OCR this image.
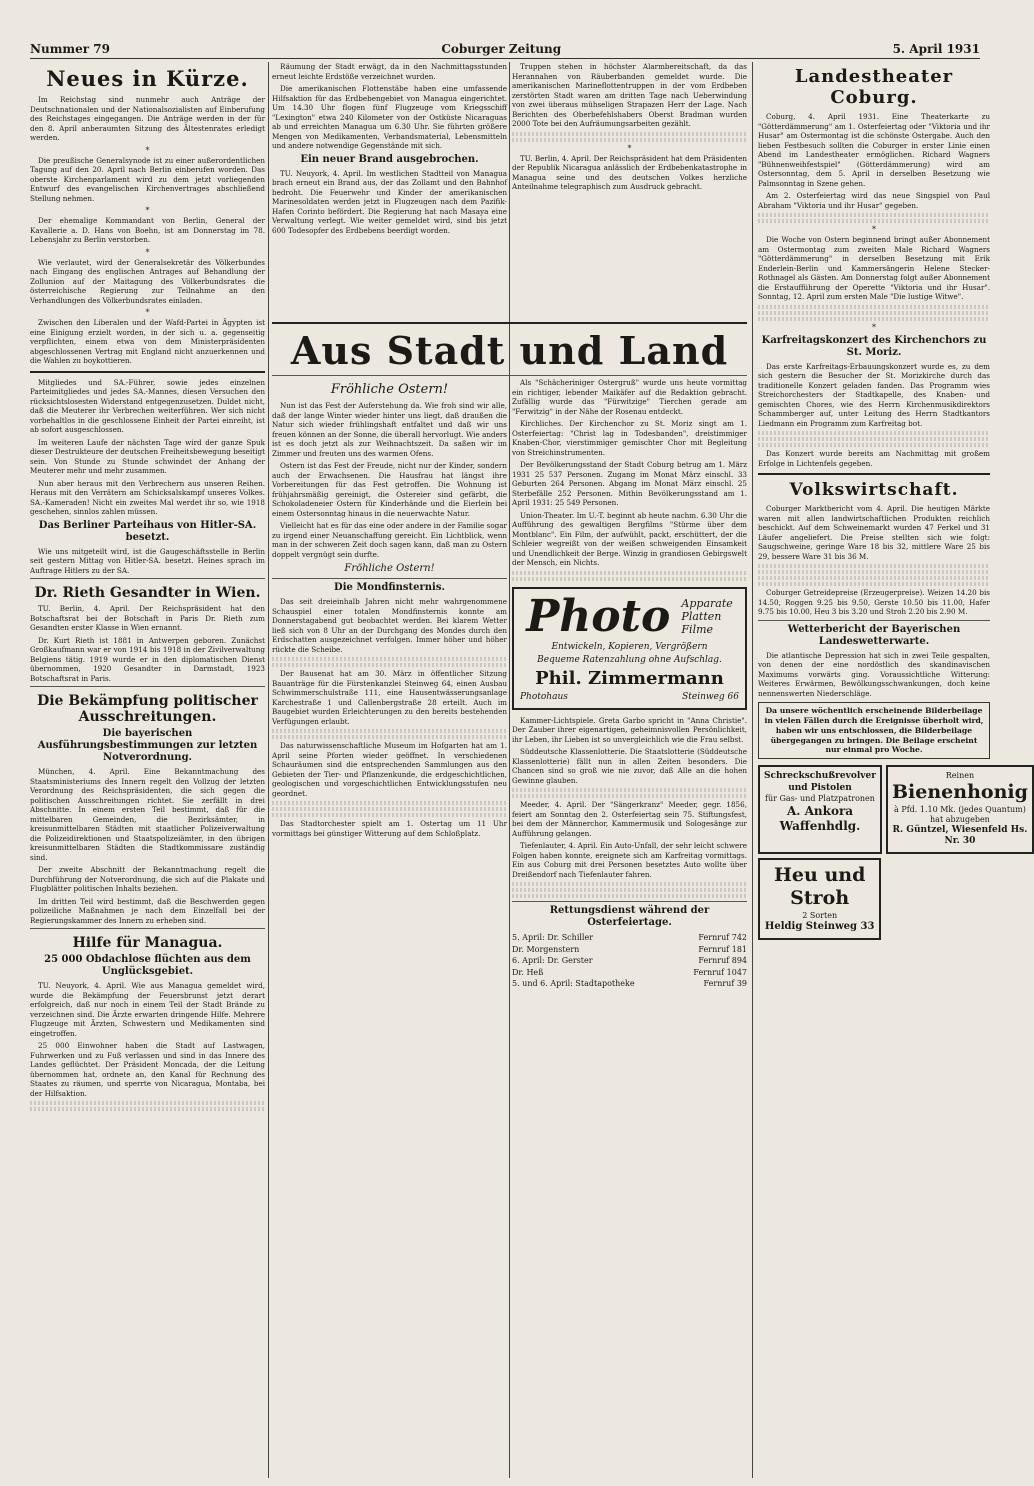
Nummer 79	Coburger Zeitung	5. April 1931
Neues in Kürze.

Im Reichstag sind nunmehr auch Anträge der Deutschnationalen und der Nationalsozialisten auf Einberufung des Reichstages eingegangen. Die Anträge werden in der für den 8. April anberaumten Sitzung des Ältestenrates erledigt werden.

*

Die preußische Generalsynode ist zu einer außerordentlichen Tagung auf den 20. April nach Berlin einberufen worden. Das oberste Kirchenparlament wird zu dem jetzt vorliegenden Entwurf des evangelischen Kirchenvertrages abschließend Stellung nehmen.

*

Der ehemalige Kommandant von Berlin, General der Kavallerie a. D. Hans von Boehn, ist am Donnerstag im 78. Lebensjahr zu Berlin verstorben.

*

Wie verlautet, wird der Generalsekretär des Völkerbundes nach Eingang des englischen Antrages auf Behandlung der Zollunion auf der Maitagung des Völkerbundsrates die österreichische Regierung zur Teilnahme an den Verhandlungen des Völkerbundsrates einladen.

*

Zwischen den Liberalen und der Wafd-Partei in Ägypten ist eine Einigung erzielt worden, in der sich u. a. gegenseitig verpflichten, einem etwa von dem Ministerpräsidenten abgeschlossenen Vertrag mit England nicht anzuerkennen und die Wahlen zu boykottieren.

Mitgliedes und SA.-Führer, sowie jedes einzelnen Parteimitgliedes und jedes SA.-Mannes, diesen Versuchen den rücksichtslosesten Widerstand entgegenzusetzen. Duldet nicht, daß die Meuterer ihr Verbrechen weiterführen. Wer sich nicht vorbehaltlos in die geschlossene Einheit der Partei einreiht, ist ab sofort ausgeschlossen.

Im weiteren Laufe der nächsten Tage wird der ganze Spuk dieser Destrukteure der deutschen Freiheitsbewegung beseitigt sein. Von Stunde zu Stunde schwindet der Anhang der Meuterer mehr und mehr zusammen.

Nun aber heraus mit den Verbrechern aus unseren Reihen. Heraus mit den Verrätern am Schicksalskampf unseres Volkes. SA.-Kameraden! Nicht ein zweites Mal werdet ihr so, wie 1918 geschehen, sinnlos zahlen müssen.

Das Berliner Parteihaus von Hitler-SA. besetzt.

Wie uns mitgeteilt wird, ist die Gaugeschäftsstelle in Berlin seit gestern Mittag von Hitler-SA. besetzt. Heines sprach im Auftrage Hitlers zu der SA.

Dr. Rieth Gesandter in Wien.

TU. Berlin, 4. April. Der Reichspräsident hat den Botschaftsrat bei der Botschaft in Paris Dr. Rieth zum Gesandten erster Klasse in Wien ernannt.

Dr. Kurt Rieth ist 1881 in Antwerpen geboren. Zunächst Großkaufmann war er von 1914 bis 1918 in der Zivilverwaltung Belgiens tätig. 1919 wurde er in den diplomatischen Dienst übernommen, 1920 Gesandter in Darmstadt, 1923 Botschaftsrat in Paris.

Die Bekämpfung politischer Ausschreitungen.
Die bayerischen Ausführungsbestimmungen zur letzten Notverordnung.

München, 4. April. Eine Bekanntmachung des Staatsministeriums des Innern regelt den Vollzug der letzten Verordnung des Reichspräsidenten, die sich gegen die politischen Ausschreitungen richtet. Sie zerfällt in drei Abschnitte. In einem ersten Teil bestimmt, daß für die mittelbaren Gemeinden, die Bezirksämter, in kreisunmittelbaren Städten mit staatlicher Polizeiverwaltung die Polizeidirektionen und Staatspolizeiämter, in den übrigen kreisunmittelbaren Städten die Stadtkommissare zuständig sind.

Der zweite Abschnitt der Bekanntmachung regelt die Durchführung der Notverordnung, die sich auf die Plakate und Flugblätter politischen Inhalts beziehen.

Im dritten Teil wird bestimmt, daß die Beschwerden gegen polizeiliche Maßnahmen je nach dem Einzelfall bei der Regierungskammer des Innern zu erheben sind.

Hilfe für Managua.
25 000 Obdachlose flüchten aus dem Unglücksgebiet.

TU. Neuyork, 4. April. Wie aus Managua gemeldet wird, wurde die Bekämpfung der Feuersbrunst jetzt derart erfolgreich, daß nur noch in einem Teil der Stadt Brände zu verzeichnen sind. Die Ärzte erwarten dringende Hilfe. Mehrere Flugzeuge mit Ärzten, Schwestern und Medikamenten sind eingetroffen.

25 000 Einwohner haben die Stadt auf Lastwagen, Fuhrwerken und zu Fuß verlassen und sind in das Innere des Landes geflüchtet. Der Präsident Moncada, der die Leitung übernommen hat, ordnete an, den Kanal für Rechnung des Staates zu räumen, und sperrte von Nicaragua, Montaba, bei der Hilfsaktion.

Räumung der Stadt erwägt, da in den Nachmittagsstunden erneut leichte Erdstöße verzeichnet wurden.

Die amerikanischen Flottenstäbe haben eine umfassende Hilfsaktion für das Erdbebengebiet von Managua eingerichtet. Um 14.30 Uhr flogen fünf Flugzeuge vom Kriegsschiff "Lexington" etwa 240 Kilometer von der Ostküste Nicaraguas ab und erreichten Managua um 6.30 Uhr. Sie führten größere Mengen von Medikamenten, Verbandsmaterial, Lebensmitteln und andere notwendige Gegenstände mit sich.

Ein neuer Brand ausgebrochen.

TU. Neuyork, 4. April. Im westlichen Stadtteil von Managua brach erneut ein Brand aus, der das Zollamt und den Bahnhof bedroht. Die Feuerwehr und Kinder der amerikanischen Marinesoldaten werden jetzt in Flugzeugen nach dem Pazifik-Hafen Corinto befördert. Die Regierung hat nach Masaya eine Verwaltung verlegt. Wie weiter gemeldet wird, sind bis jetzt 600 Todesopfer des Erdbebens beerdigt worden.

Truppen stehen in höchster Alarmbereitschaft, da das Herannahen von Räuberbanden gemeldet wurde. Die amerikanischen Marineflottentruppen in der vom Erdbeben zerstörten Stadt waren am dritten Tage nach Ueberwindung von zwei überaus mühseligen Strapazen Herr der Lage. Nach Berichten des Oberbefehlshabers Oberst Bradman wurden 2000 Tote bei den Aufräumungsarbeiten gezählt.

*

TU. Berlin, 4. April. Der Reichspräsident hat dem Präsidenten der Republik Nicaragua anlässlich der Erdbebenkatastrophe in Managua seine und des deutschen Volkes herzliche Anteilnahme telegraphisch zum Ausdruck gebracht.

Aus Stadt und Land
Fröhliche Ostern!

Nun ist das Fest der Auferstehung da. Wie froh sind wir alle, daß der lange Winter wieder hinter uns liegt, daß draußen die Natur sich wieder frühlingshaft entfaltet und daß wir uns freuen können an der Sonne, die überall hervorlugt. Wie anders ist es doch jetzt als zur Weihnachtszeit. Da saßen wir im Zimmer und freuten uns des warmen Ofens.

Ostern ist das Fest der Freude, nicht nur der Kinder, sondern auch der Erwachsenen. Die Hausfrau hat längst ihre Vorbereitungen für das Fest getroffen. Die Wohnung ist frühjahrsmäßig gereinigt, die Ostereier sind gefärbt, die Schokoladeneier Ostern für Kinderhände und die Eierlein bei einem Ostersonntag hinaus in die neuerwachte Natur.

Vielleicht hat es für das eine oder andere in der Familie sogar zu irgend einer Neuanschaffung gereicht. Ein Lichtblick, wenn man in der schweren Zeit doch sagen kann, daß man zu Ostern doppelt vergnügt sein durfte.

Fröhliche Ostern!
Die Mondfinsternis.

Das seit dreieinhalb Jahren nicht mehr wahrgenommene Schauspiel einer totalen Mondfinsternis konnte am Donnerstagabend gut beobachtet werden. Bei klarem Wetter ließ sich von 8 Uhr an der Durchgang des Mondes durch den Erdschatten ausgezeichnet verfolgen. Immer höher und höher rückte die Scheibe.

Der Bausenat hat am 30. März in öffentlicher Sitzung Bauanträge für die Fürstenkanzlei Steinweg 64, einen Ausbau Schwimmerschulstraße 111, eine Hausentwässerungsanlage Karchestraße 1 und Callenbergstraße 28 erteilt. Auch im Baugebiet wurden Erleichterungen zu den bereits bestehenden Verfügungen erlaubt.

Das naturwissenschaftliche Museum im Hofgarten hat am 1. April seine Pforten wieder geöffnet. In verschiedenen Schauräumen sind die entsprechenden Sammlungen aus den Gebieten der Tier- und Pflanzenkunde, die erdgeschichtlichen, geologischen und vorgeschichtlichen Entwicklungsstufen neu geordnet.

Das Stadtorchester spielt am 1. Ostertag um 11 Uhr vormittags bei günstiger Witterung auf dem Schloßplatz.

Als "Schächeriniger Ostergruß" wurde uns heute vormittag ein richtiger, lebender Maikäfer auf die Redaktion gebracht. Zufällig wurde das "Fürwitzige" Tierchen gerade am "Ferwitzig" in der Nähe der Rosenau entdeckt.

Kirchliches. Der Kirchenchor zu St. Moriz singt am 1. Osterfeiertag: "Christ lag in Todesbanden", dreistimmiger Knaben-Chor, vierstimmiger gemischter Chor mit Begleitung von Streichinstrumenten.

Der Bevölkerungsstand der Stadt Coburg betrug am 1. März 1931 25 537 Personen. Zugang im Monat März einschl. 33 Geburten 264 Personen. Abgang im Monat März einschl. 25 Sterbefälle 252 Personen. Mithin Bevölkerungsstand am 1. April 1931: 25 549 Personen.

Union-Theater. Im U.-T. beginnt ab heute nachm. 6.30 Uhr die Aufführung des gewaltigen Bergfilms "Stürme über dem Montblanc". Ein Film, der aufwühlt, packt, erschüttert, der die Schleier wegreißt von der weißen schweigenden Einsamkeit und Unendlichkeit der Berge. Winzig in grandiosen Gebirgswelt der Mensch, ein Nichts.

Photo Apparate
Platten
Filme
Entwickeln, Kopieren, Vergrößern
Bequeme Ratenzahlung ohne Aufschlag.
Phil. Zimmermann
Photohaus	Steinweg 66

Kammer-Lichtspiele. Greta Garbo spricht in "Anna Christie". Der Zauber ihrer eigenartigen, geheimnisvollen Persönlichkeit, ihr Leben, ihr Lieben ist so unvergleichlich wie die Frau selbst.

Süddeutsche Klassenlotterie. Die Staatslotterie (Süddeutsche Klassenlotterie) fällt nun in allen Zeiten besonders. Die Chancen sind so groß wie nie zuvor, daß Alle an die hohen Gewinne glauben.

Meeder, 4. April. Der "Sängerkranz" Meeder, gegr. 1856, feiert am Sonntag den 2. Osterfeiertag sein 75. Stiftungsfest, bei dem der Männerchor, Kammermusik und Sologesänge zur Aufführung gelangen.

Tiefenlauter, 4. April. Ein Auto-Unfall, der sehr leicht schwere Folgen haben konnte, ereignete sich am Karfreitag vormittags. Ein aus Coburg mit drei Personen besetztes Auto wollte über Dreißendorf nach Tiefenlauter fahren.

Rettungsdienst während der Osterfeiertage.
5. April: Dr. Schiller	Fernruf 742
Dr. Morgenstern	Fernruf 181
6. April: Dr. Gerster	Fernruf 894
Dr. Heß	Fernruf 1047
5. und 6. April: Stadtapotheke	Fernruf 39
Landestheater Coburg.

Coburg, 4. April 1931. Eine Theaterkarte zu "Götterdämmerung" am 1. Osterfeiertag oder "Viktoria und ihr Husar" am Ostermontag ist die schönste Ostergabe. Auch den lieben Festbesuch sollten die Coburger in erster Linie einen Abend im Landestheater ermöglichen. Richard Wagners "Bühnenweihfestspiel" (Götterdämmerung) wird am Ostersonntag, dem 5. April in derselben Besetzung wie Palmsonntag in Szene gehen.

Am 2. Osterfeiertag wird das neue Singspiel von Paul Abraham "Viktoria und ihr Husar" gegeben.

*

Die Woche von Ostern beginnend bringt außer Abonnement am Ostermontag zum zweiten Male Richard Wagners "Götterdämmerung" in derselben Besetzung mit Erik Enderlein-Berlin und Kammersängerin Helene Stecker-Rothnagel als Gästen. Am Donnerstag folgt außer Abonnement die Erstaufführung der Operette "Viktoria und ihr Husar". Sonntag, 12. April zum ersten Male "Die lustige Witwe".

*
Karfreitagskonzert des Kirchenchors zu St. Moriz.

Das erste Karfreitags-Erbauungskonzert wurde es, zu dem sich gestern die Besucher der St. Morizkirche durch das traditionelle Konzert geladen fanden. Das Programm wies Streichorchesters der Stadtkapelle, des Knaben- und gemischten Chores, wie des Herrn Kirchenmusikdirektors Schammberger auf, unter Leitung des Herrn Stadtkantors Liedmann ein Programm zum Karfreitag bot.

Das Konzert wurde bereits am Nachmittag mit großem Erfolge in Lichtenfels gegeben.

Volkswirtschaft.

Coburger Marktbericht vom 4. April. Die heutigen Märkte waren mit allen landwirtschaftlichen Produkten reichlich beschickt. Auf dem Schweinemarkt wurden 47 Ferkel und 31 Läufer angeliefert. Die Preise stellten sich wie folgt: Saugschweine, geringe Ware 18 bis 32, mittlere Ware 25 bis 29, bessere Ware 31 bis 36 M.

Coburger Getreidepreise (Erzeugerpreise). Weizen 14.20 bis 14.50, Roggen 9.25 bis 9.50, Gerste 10.50 bis 11.00, Hafer 9.75 bis 10.00, Heu 3 bis 3.20 und Stroh 2.20 bis 2.90 M.

Wetterbericht der Bayerischen Landeswetterwarte.

Die atlantische Depression hat sich in zwei Teile gespalten, von denen der eine nordöstlich des skandinavischen Maximums vorwärts ging. Voraussichtliche Witterung: Weiteres Erwärmen, Bewölkungsschwankungen, doch keine nennenswerten Niederschläge.

Da unsere wöchentlich erscheinende Bilderbeilage in vielen Fällen durch die Ereignisse überholt wird, haben wir uns entschlossen, die Bilderbeilage übergegangen zu bringen. Die Beilage erscheint nur einmal pro Woche.
Schreckschußrevolver und Pistolen
für Gas- und Platzpatronen
A. Ankora Waffenhdlg.
Reinen
Bienenhonig
à Pfd. 1.10 Mk. (jedes Quantum) hat abzugeben
R. Güntzel, Wiesenfeld Hs. Nr. 30
Heu und Stroh
2 Sorten
Heldig Steinweg 33
